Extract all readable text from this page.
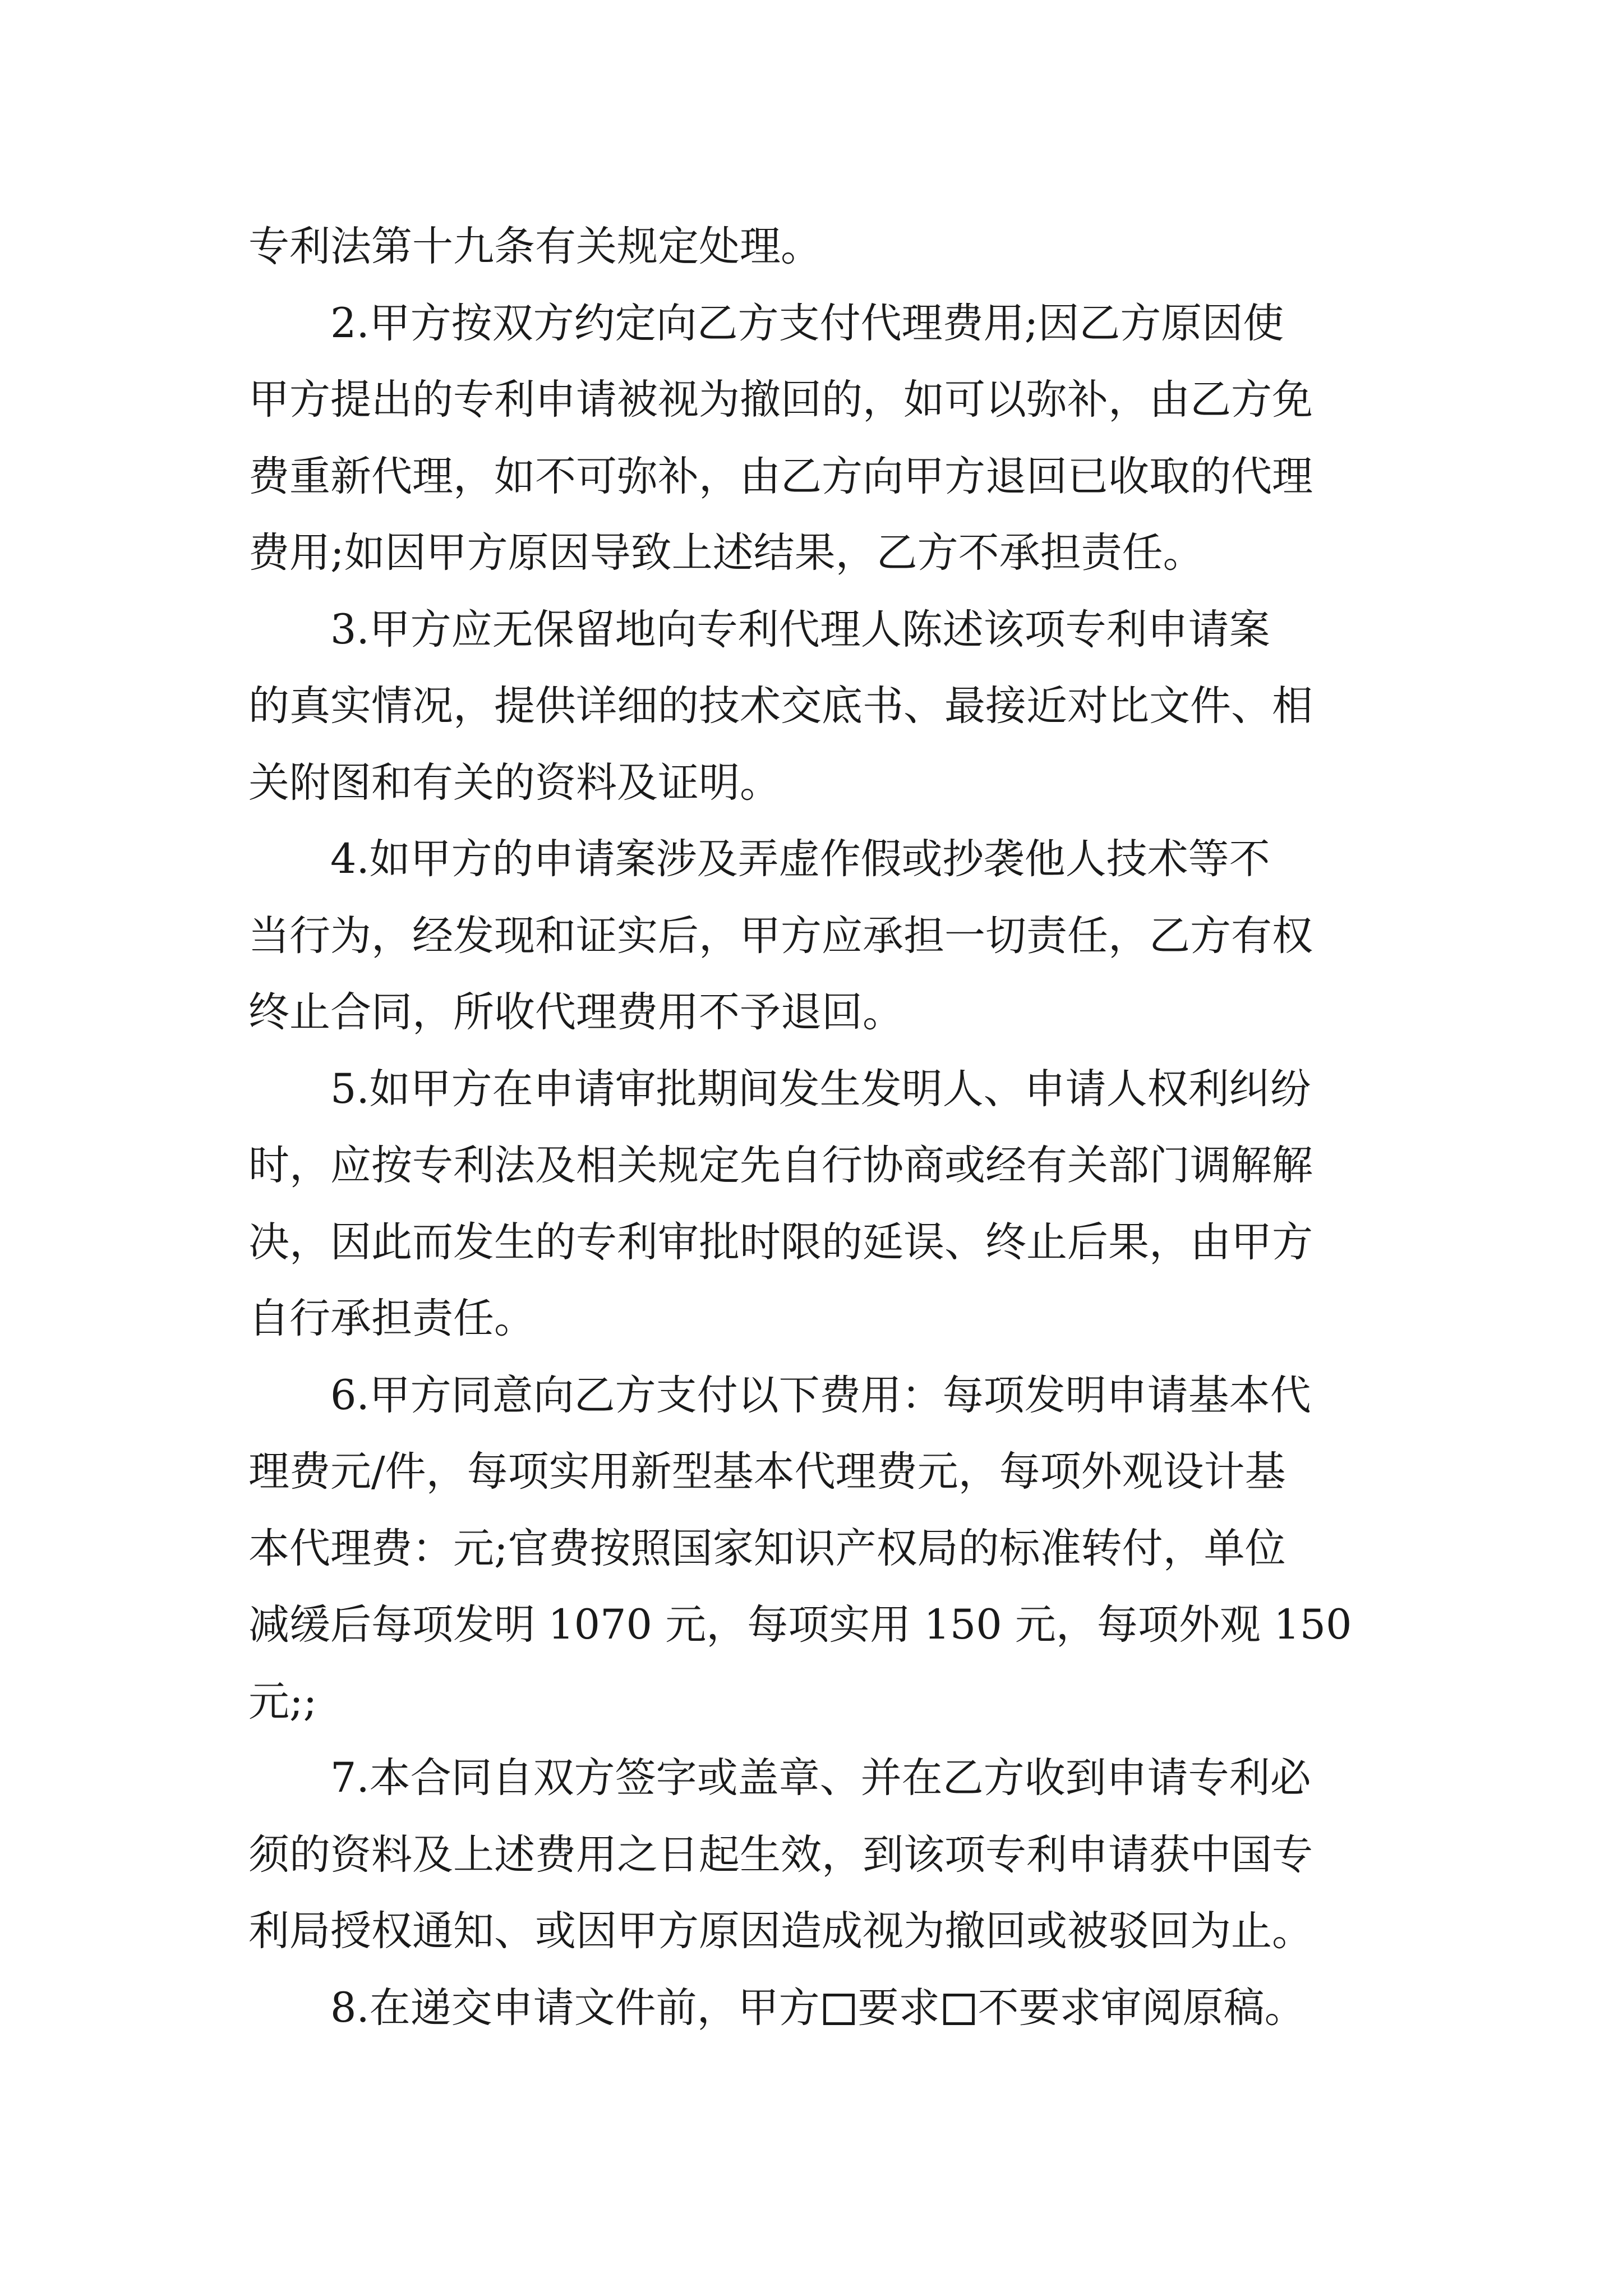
专利法第十九条有关规定处理。
2.甲方按双方约定向乙方支付代理费用;因乙方原因使
甲方提出的专利申请被视为撤回的，如可以弥补，由乙方免
费重新代理，如不可弥补，由乙方向甲方退回已收取的代理
费用;如因甲方原因导致上述结果，乙方不承担责任。
3.甲方应无保留地向专利代理人陈述该项专利申请案
的真实情况，提供详细的技术交底书、最接近对比文件、相
关附图和有关的资料及证明。
4.如甲方的申请案涉及弄虚作假或抄袭他人技术等不
当行为，经发现和证实后，甲方应承担一切责任，乙方有权
终止合同，所收代理费用不予退回。
5.如甲方在申请审批期间发生发明人、申请人权利纠纷
时，应按专利法及相关规定先自行协商或经有关部门调解解
决，因此而发生的专利审批时限的延误、终止后果，由甲方
自行承担责任。
6.甲方同意向乙方支付以下费用：每项发明申请基本代
理费元/件，每项实用新型基本代理费元，每项外观设计基
本代理费：元;官费按照国家知识产权局的标准转付，单位
减缓后每项发明 1070 元，每项实用 150 元，每项外观 150
元;;
7.本合同自双方签字或盖章、并在乙方收到申请专利必
须的资料及上述费用之日起生效，到该项专利申请获中国专
利局授权通知、或因甲方原因造成视为撤回或被驳回为止。
8.在递交申请文件前，甲方 要求 不要求审阅原稿。
